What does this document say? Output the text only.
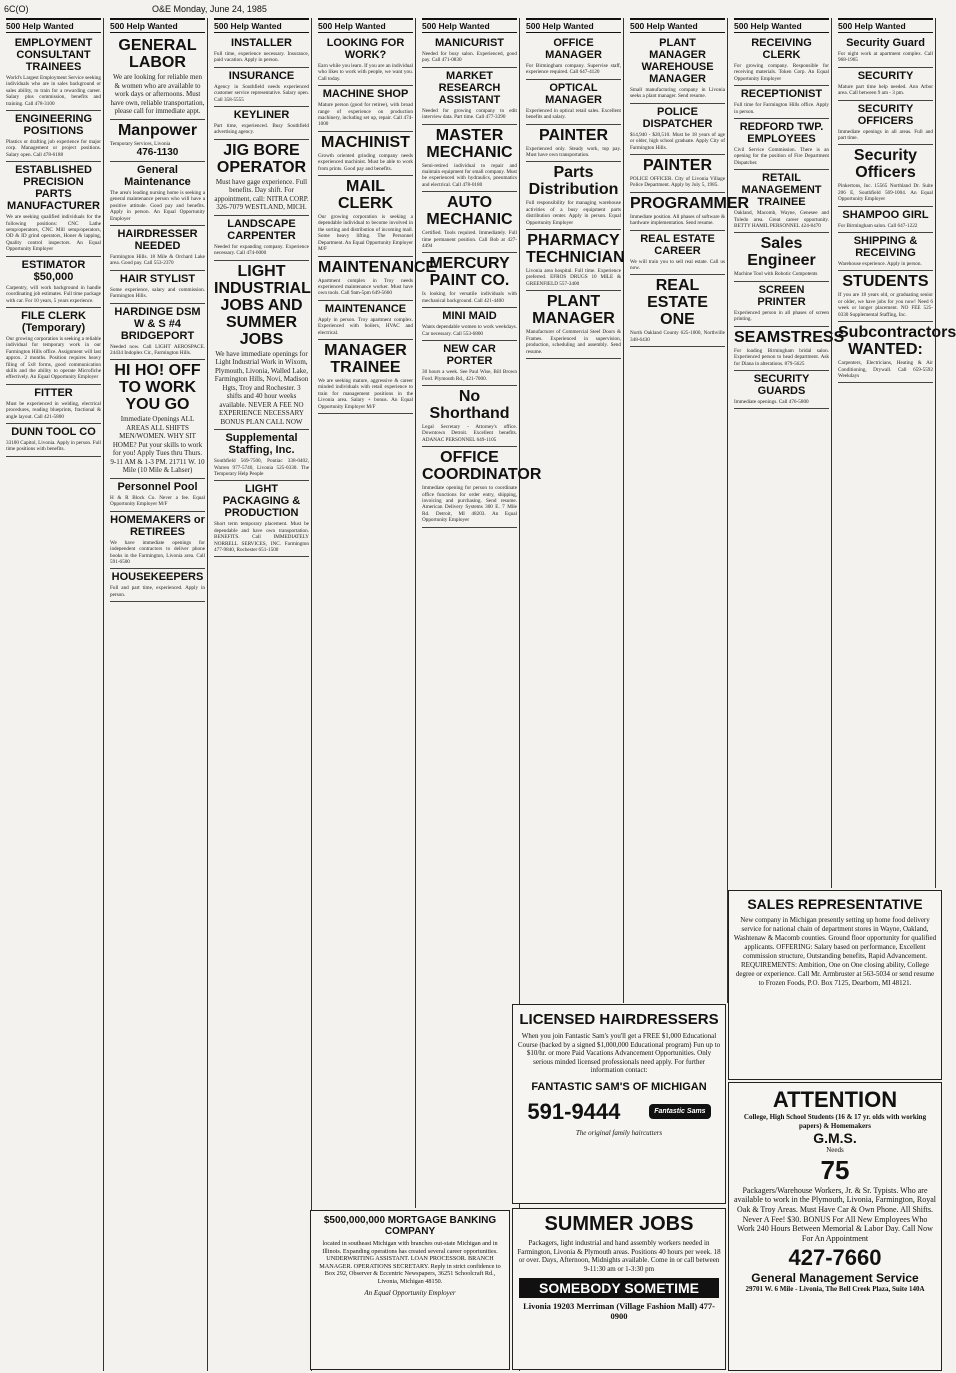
6C(O)	O&E Monday, June 24, 1985
500 Help Wanted
EMPLOYMENT CONSULTANT TRAINEES
World's Largest Employment Service seeking individuals who are in sales background or sales ability, to train for a rewarding career. Salary plus commission, benefits and training. Call 478-3100
ENGINEERING POSITIONS
Plastics or drafting job experience for major corp. Management or project positions. Salary open. Call 478-6188
ESTABLISHED PRECISION PARTS MANUFACTURER
We are seeking qualified individuals for the following positions: CNC Lathe setup/operators, CNC Mill setup/operators, OD & ID grind operators, Honer & lapping, Quality control inspectors. An Equal Opportunity Employer
ESTIMATOR $50,000
Carpentry, will work background in handle coordinating job estimates. Full time package with car. For 10 years, 5 years experience.
FILE CLERK (Temporary)
Our growing corporation is seeking a reliable individual for temporary work in our Farmington Hills office. Assignment will last approx. 2 months. Position requires heavy filing of 5x8 forms, good communication skills and the ability to operate Microfiche effectively. An Equal Opportunity Employer
FITTER
Must be experienced in welding, electrical procedures, reading blueprints, fractional & angle layout. Call 421-5800
DUNN TOOL CO
33100 Capitol, Livonia. Apply in person. Full time positions with benefits.
500 Help Wanted
GENERAL LABOR
We are looking for reliable men & women who are available to work days or afternoons. Must have own, reliable transportation, please call for immediate appt.
Manpower
Temporary Services, Livonia
476-1130
General Maintenance
The area's leading nursing home is seeking a general maintenance person who will have a positive attitude. Good pay and benefits. Apply in person. An Equal Opportunity Employer
HAIRDRESSER NEEDED
Farmington Hills. 18 Mile & Orchard Lake area. Good pay. Call 553-2370
HAIR STYLIST
Some experience, salary and commission. Farmington Hills.
HARDINGE DSM W & S #4 BRIDGEPORT
Needed now. Call LIGHT AEROSPACE. 24434 Indoplex Cir., Farmington Hills.
HI HO! OFF TO WORK YOU GO
Immediate Openings ALL AREAS ALL SHIFTS MEN/WOMEN. WHY SIT HOME? Put your skills to work for you! Apply Tues thru Thurs. 9-11 AM & 1-3 PM. 21711 W. 10 Mile (10 Mile & Lahser)
Personnel Pool
H & R Block Co. Never a fee. Equal Opportunity Employer M/F
HOMEMAKERS or RETIREES
We have immediate openings for independent contractors to deliver phone books in the Farmington, Livonia area. Call 591-6500
HOUSEKEEPERS
Full and part time, experienced. Apply in person.
500 Help Wanted
INSTALLER
Full time, experience necessary. Insurance, paid vacation. Apply in person.
INSURANCE
Agency in Southfield needs experienced customer service representative. Salary open. Call 358-5555
KEYLINER
Part time, experienced. Busy Southfield advertising agency.
JIG BORE OPERATOR
Must have gage experience. Full benefits. Day shift. For appointment, call: NITRA CORP. 326-7079 WESTLAND, MICH.
LANDSCAPE CARPENTER
Needed for expanding company. Experience necessary. Call 474-6000
LIGHT INDUSTRIAL JOBS AND SUMMER JOBS
We have immediate openings for Light Industrial Work in Wixom, Plymouth, Livonia, Walled Lake, Farmington Hills, Novi, Madison Hgts, Troy and Rochester. 3 shifts and 40 hour weeks available. NEVER A FEE NO EXPERIENCE NECESSARY BONUS PLAN CALL NOW
Supplemental Staffing, Inc.
Southfield 569-7500, Pontiac 338-0402, Warren 977-5740, Livonia 525-0330. The Temporary Help People
LIGHT PACKAGING & PRODUCTION
Short term temporary placement. Must be dependable and have own transportation. BENEFITS. Call IMMEDIATELY NORRELL SERVICES, INC. Farmington 477-9840, Rochester 651-1500
500 Help Wanted
LOOKING FOR WORK?
Earn while you learn. If you are an individual who likes to work with people, we want you. Call today.
MACHINE SHOP
Mature person (good for retiree), with broad range of experience on production machinery, including set up, repair. Call 474-1000
MACHINIST
Growth oriented grinding company needs experienced machinist. Must be able to work from prints. Good pay and benefits.
MAIL CLERK
Our growing corporation is seeking a dependable individual to become involved in the sorting and distribution of incoming mail. Some heavy lifting. The Personnel Department. An Equal Opportunity Employer M/F
MAINTENANCE
Apartment complex in Troy needs experienced maintenance worker. Must have own tools. Call 9am-5pm 649-5660
MAINTENANCE
Apply in person. Troy apartment complex. Experienced with boilers, HVAC and electrical.
MANAGER TRAINEE
We are seeking mature, aggressive & career minded individuals with retail experience to train for management positions in the Livonia area. Salary + bonus. An Equal Opportunity Employer M/F
500 Help Wanted
MANICURIST
Needed for busy salon. Experienced, good pay. Call 471-0830
MARKET RESEARCH ASSISTANT
Needed for growing company to edit interview data. Part time. Call 477-3390
MASTER MECHANIC
Semi-retired individual to repair and maintain equipment for small company. Must be experienced with hydraulics, pneumatics and electrical. Call 478-0180
AUTO MECHANIC
Certified. Tools required. Immediately. Full time permanent position. Call Bob at 427-4494
MERCURY PAINT CO.
Is looking for versatile individuals with mechanical background. Call 421-4400
MINI MAID
Wants dependable women to work weekdays. Car necessary. Call 553-6800
NEW CAR PORTER
30 hours a week. See Paul Wise, Bill Brown Ford. Plymouth Rd., 421-7000.
No Shorthand
Legal Secretary - Attorney's office. Downtown Detroit. Excellent benefits. ADANAC PERSONNEL 649-1105
OFFICE COORDINATOR
Immediate opening for person to coordinate office functions for order entry, shipping, invoicing and purchasing. Send resume. American Delivery Systems 300 E. 7 Mile Rd. Detroit, MI 48203. An Equal Opportunity Employer
500 Help Wanted
OFFICE MANAGER
For Birmingham company. Supervise staff, experience required. Call 647-4120
OPTICAL MANAGER
Experienced in optical retail sales. Excellent benefits and salary.
PAINTER
Experienced only. Steady work, top pay. Must have own transportation.
Parts Distribution
Full responsibility for managing warehouse activities of a busy equipment parts distribution center. Apply in person. Equal Opportunity Employer
PHARMACY TECHNICIAN
Livonia area hospital. Full time. Experience preferred. EFROS DRUGS 10 MILE & GREENFIELD 557-3400
PLANT MANAGER
Manufacturer of Commercial Steel Doors & Frames. Experienced in supervision, production, scheduling and assembly. Send resume.
500 Help Wanted
PLANT MANAGER WAREHOUSE MANAGER
Small manufacturing company in Livonia seeks a plant manager. Send resume.
POLICE DISPATCHER
$14,940 - $20,510. Must be 18 years of age or older, high school graduate. Apply City of Farmington Hills.
PAINTER
POLICE OFFICER. City of Livonia Village Police Department. Apply by July 5, 1985.
PROGRAMMER
Immediate position. All phases of software & hardware implementation. Send resume.
REAL ESTATE CAREER
We will train you to sell real estate. Call us now.
REAL ESTATE ONE
North Oakland County 625-1000, Northville 348-6430
500 Help Wanted
RECEIVING CLERK
For growing company. Responsible for receiving materials. Token Corp. An Equal Opportunity Employer
RECEPTIONIST
Full time for Farmington Hills office. Apply in person.
REDFORD TWP. EMPLOYEES
Civil Service Commission. There is an opening for the position of Fire Department Dispatcher.
RETAIL MANAGEMENT TRAINEE
Oakland, Macomb, Wayne, Genesee and Toledo area. Great career opportunity. BETTY HAMIL PERSONNEL 424-8470
Sales Engineer
Machine Tool with Robotic Compotents
SCREEN PRINTER
Experienced person in all phases of screen printing.
SEAMSTRESS
For loading Birmingham bridal salon. Experienced person to head department. Ask for Diana in alterations. 879-5625
SECURITY GUARDS
Immediate openings. Call 476-5800
500 Help Wanted
Security Guard
For night work at apartment complex. Call 968-1965
SECURITY
Mature part time help needed. Ann Arbor area. Call between 9 am - 3 pm.
SECURITY OFFICERS
Immediate openings in all areas. Full and part time.
Security Officers
Pinkertons, Inc. 15565 Northland Dr. Suite 206 E, Southfield 569-1004. An Equal Opportunity Employer
SHAMPOO GIRL
For Birmingham salon. Call 647-1222
SHIPPING & RECEIVING
Warehouse experience. Apply in person.
STUDENTS
If you are 18 years old, or graduating senior or older, we have jobs for you now! Need 6 week or longer placement. NO FEE 525-0330 Supplemental Staffing, Inc.
Subcontractors WANTED:
Carpenters, Electricians, Heating & Air Conditioning, Drywall. Call 659-5592 Weekdays
LICENSED HAIRDRESSERS
When you join Fantastic Sam's you'll get a FREE $1,000 Educational Course (backed by a signed $1,000,000 Educational program) Fun up to $10/hr. or more Paid Vacations Advancement Opportunities. Only serious minded licensed professionals need apply. For further information contact:
FANTASTIC SAM'S OF MICHIGAN
591-9444	Fantastic Sams
The original family haircutters
$500,000,000 MORTGAGE BANKING COMPANY
located in southeast Michigan with branches out-state Michigan and in Illinois. Expanding operations has created several career opportunities. UNDERWRITING ASSISTANT. LOAN PROCESSOR. BRANCH MANAGER. OPERATIONS SECRETARY. Reply in strict confidence to Box 292, Observer & Eccentric Newspapers, 36251 Schoolcraft Rd., Livonia, Michigan 48150.
An Equal Opportunity Employer
SUMMER JOBS
Packagers, light industrial and hand assembly workers needed in Farmington, Livonia & Plymouth areas. Positions 40 hours per week. 18 or over. Days, Afternoon, Midnights available. Come in or call between 9-11:30 am or 1-3:30 pm
SOMEBODY SOMETIME
Livonia 19203 Merriman (Village Fashion Mall) 477-0900
SALES REPRESENTATIVE
New company in Michigan presently setting up home food delivery service for national chain of department stores in Wayne, Oakland, Washtenaw & Macomb counties. Ground floor opportunity for qualified applicants. OFFERING: Salary based on performance, Excellent commission structure, Outstanding benefits, Rapid Advancement. REQUIREMENTS: Ambition, One on One closing ability, College degree or experience. Call Mr. Armbruster at 563-5034 or send resume to Frozen Foods, P.O. Box 7125, Dearborn, MI 48121.
ATTENTION
College, High School Students (16 & 17 yr. olds with working papers) & Homemakers
G.M.S.
Needs
75
Packagers/Warehouse Workers, Jr. & Sr. Typists. Who are available to work in the Plymouth, Livonia, Farmington, Royal Oak & Troy Areas. Must Have Car & Own Phone. All Shifts. Never A Fee! $30. BONUS For All New Employees Who Work 240 Hours Between Memorial & Labor Day. Call Now For An Appointment
427-7660
General Management Service
29701 W. 6 Mile - Livonia, The Bell Creek Plaza, Suite 140A
